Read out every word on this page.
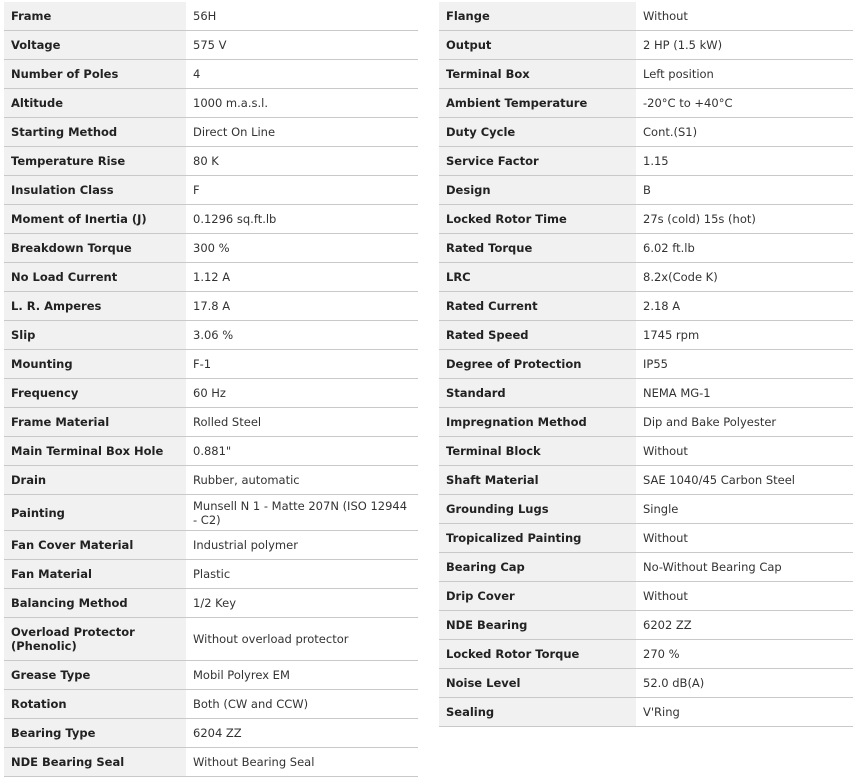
Frame	56H
Voltage	575 V
Number of Poles	4
Altitude	1000 m.a.s.l.
Starting Method	Direct On Line
Temperature Rise	80 K
Insulation Class	F
Moment of Inertia (J)	0.1296 sq.ft.lb
Breakdown Torque	300 %
No Load Current	1.12 A
L. R. Amperes	17.8 A
Slip	3.06 %
Mounting	F-1
Frequency	60 Hz
Frame Material	Rolled Steel
Main Terminal Box Hole	0.881"
Drain	Rubber, automatic
Painting	Munsell N 1 - Matte 207N (ISO 12944 - C2)
Fan Cover Material	Industrial polymer
Fan Material	Plastic
Balancing Method	1/2 Key
Overload Protector (Phenolic)	Without overload protector
Grease Type	Mobil Polyrex EM
Rotation	Both (CW and CCW)
Bearing Type	6204 ZZ
NDE Bearing Seal	Without Bearing Seal
Flange	Without
Output	2 HP (1.5 kW)
Terminal Box	Left position
Ambient Temperature	-20°C to +40°C
Duty Cycle	Cont.(S1)
Service Factor	1.15
Design	B
Locked Rotor Time	27s (cold) 15s (hot)
Rated Torque	6.02 ft.lb
LRC	8.2x(Code K)
Rated Current	2.18 A
Rated Speed	1745 rpm
Degree of Protection	IP55
Standard	NEMA MG-1
Impregnation Method	Dip and Bake Polyester
Terminal Block	Without
Shaft Material	SAE 1040/45 Carbon Steel
Grounding Lugs	Single
Tropicalized Painting	Without
Bearing Cap	No-Without Bearing Cap
Drip Cover	Without
NDE Bearing	6202 ZZ
Locked Rotor Torque	270 %
Noise Level	52.0 dB(A)
Sealing	V'Ring
